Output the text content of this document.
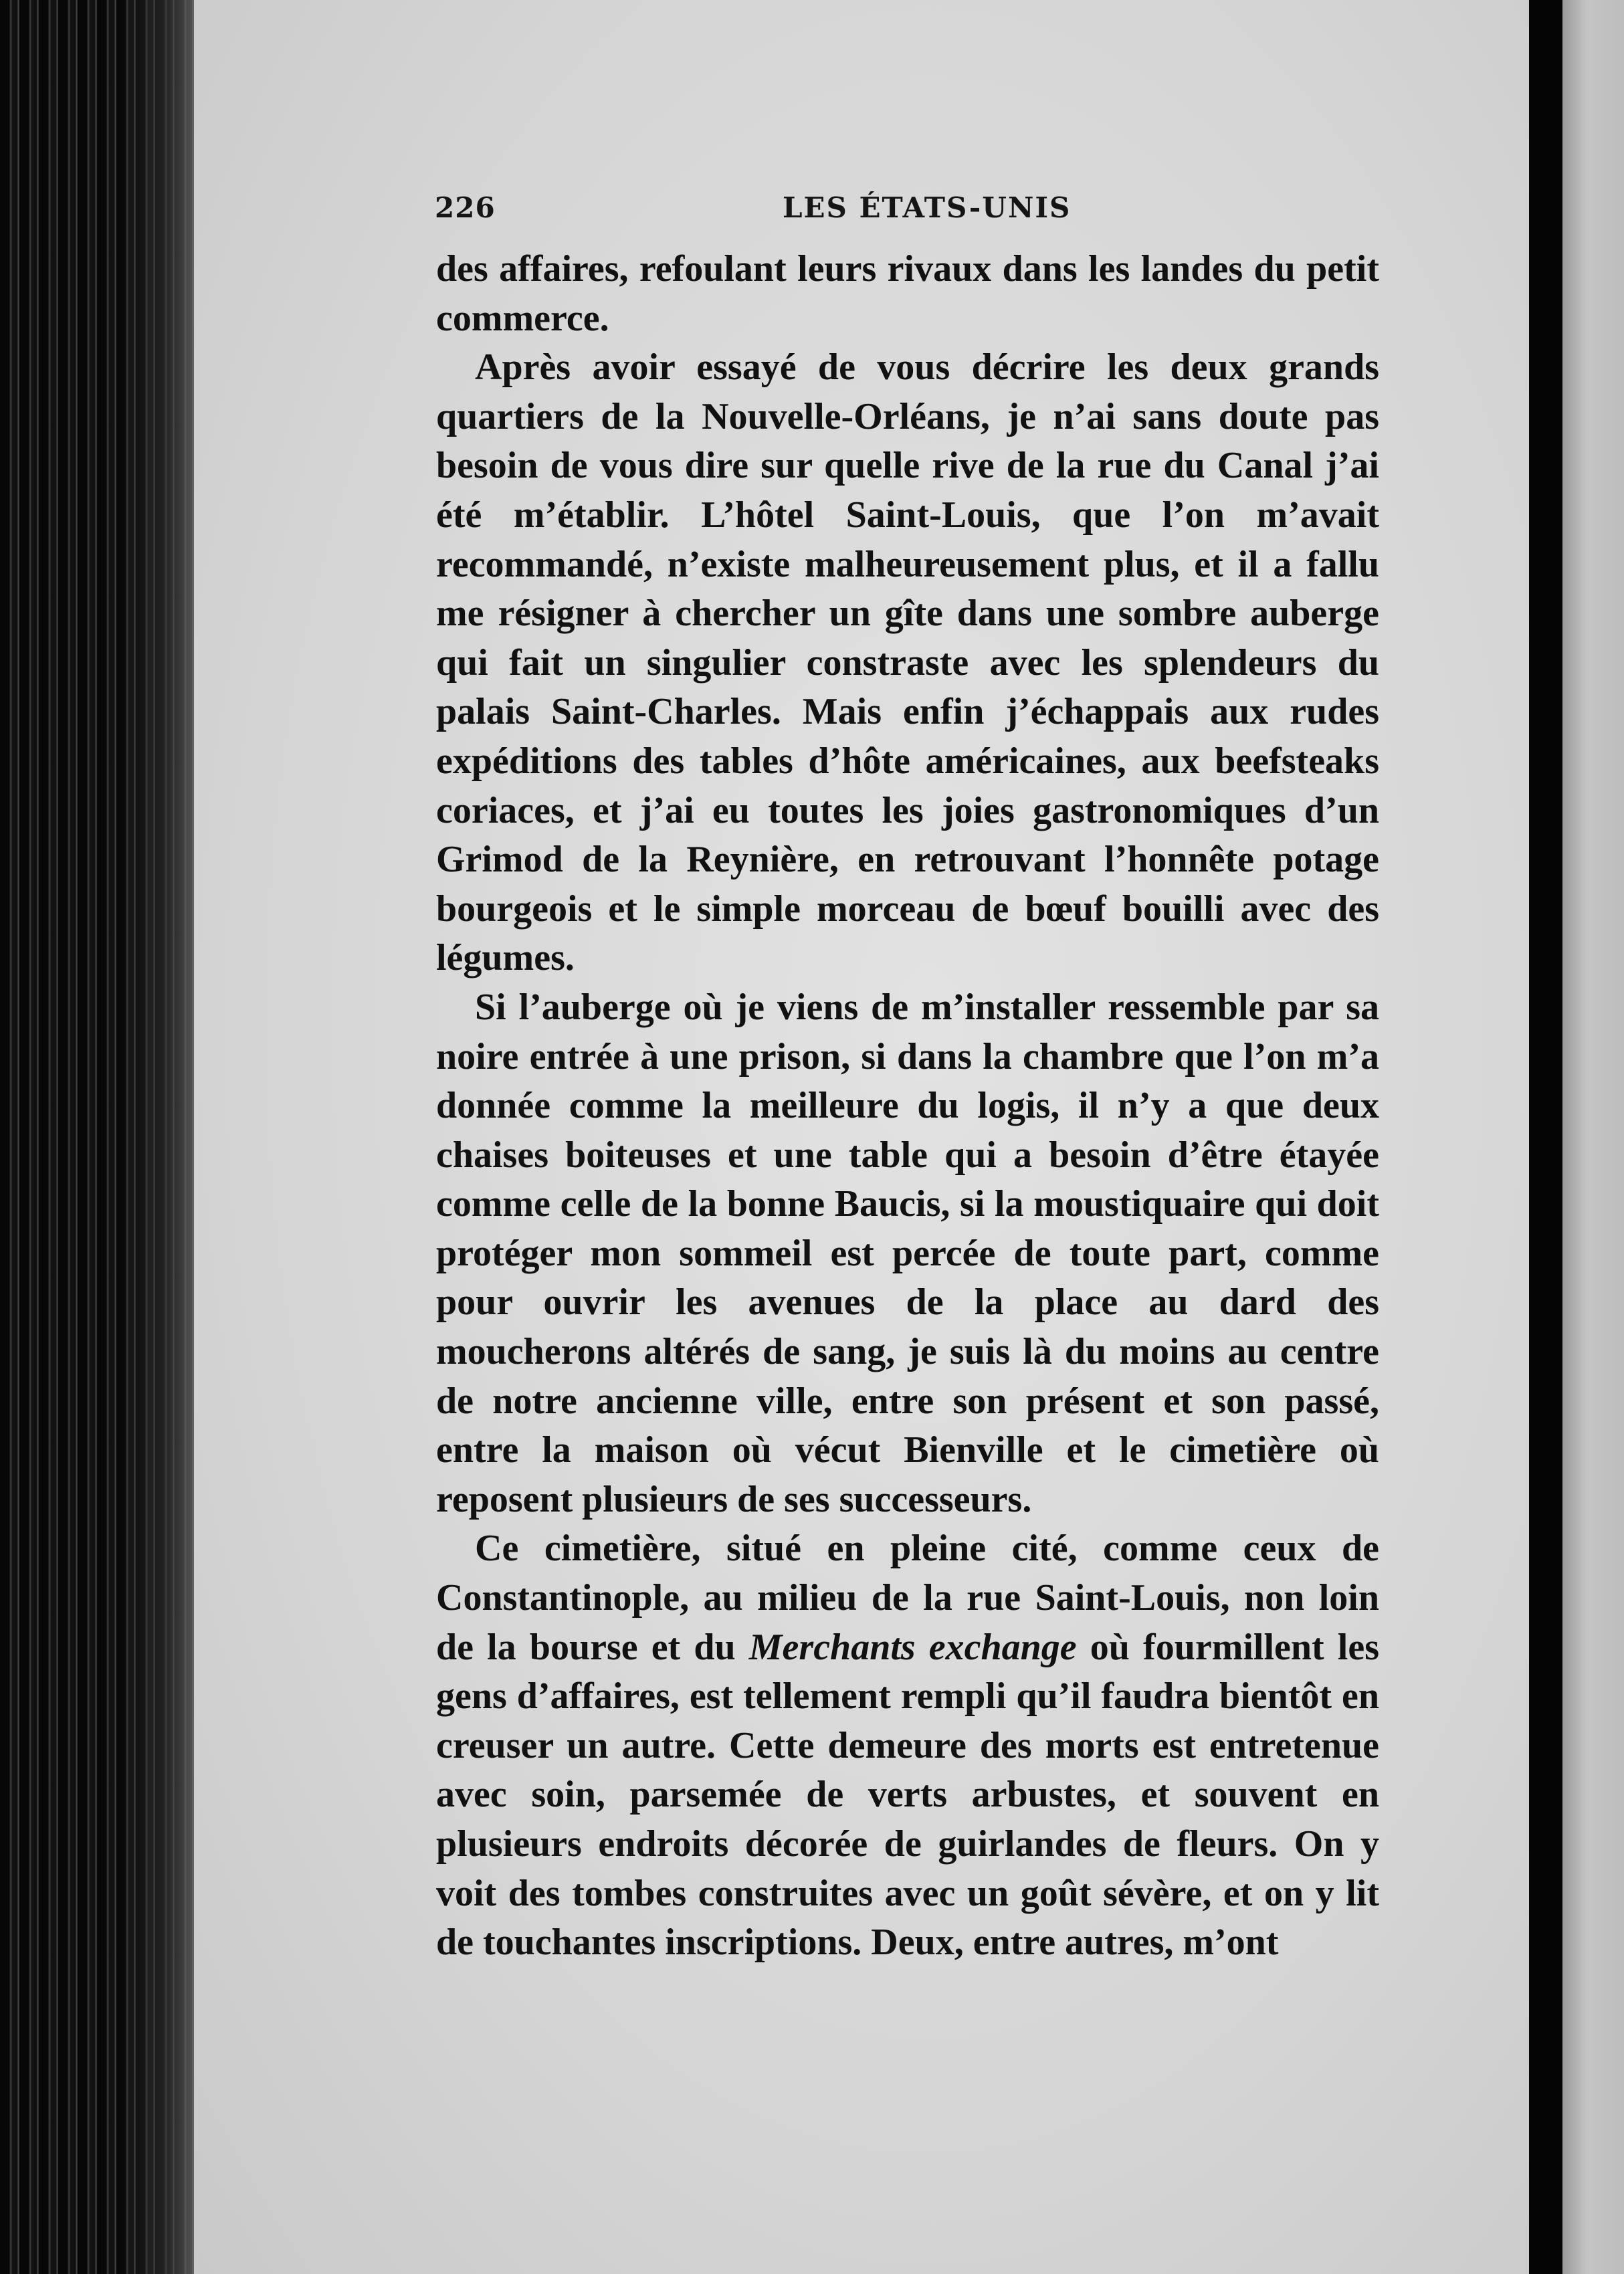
226	LES ÉTATS-UNIS

des affaires, refoulant leurs rivaux dans les landes du petit commerce.

Après avoir essayé de vous décrire les deux grands quartiers de la Nouvelle-Orléans, je n’ai sans doute pas besoin de vous dire sur quelle rive de la rue du Canal j’ai été m’établir. L’hôtel Saint-Louis, que l’on m’avait recommandé, n’existe malheureusement plus, et il a fallu me résigner à chercher un gîte dans une sombre auberge qui fait un singulier constraste avec les splendeurs du palais Saint-Charles. Mais enfin j’échappais aux rudes expéditions des tables d’hôte américaines, aux beefsteaks coriaces, et j’ai eu toutes les joies gastronomiques d’un Grimod de la Reynière, en retrouvant l’honnête potage bourgeois et le simple morceau de bœuf bouilli avec des légumes.

Si l’auberge où je viens de m’installer ressemble par sa noire entrée à une prison, si dans la chambre que l’on m’a donnée comme la meilleure du logis, il n’y a que deux chaises boiteuses et une table qui a besoin d’être étayée comme celle de la bonne Baucis, si la moustiquaire qui doit protéger mon sommeil est percée de toute part, comme pour ouvrir les avenues de la place au dard des moucherons altérés de sang, je suis là du moins au centre de notre ancienne ville, entre son présent et son passé, entre la maison où vécut Bienville et le cimetière où reposent plusieurs de ses successeurs.

Ce cimetière, situé en pleine cité, comme ceux de Constantinople, au milieu de la rue Saint-Louis, non loin de la bourse et du Merchants exchange où fourmillent les gens d’affaires, est tellement rempli qu’il faudra bientôt en creuser un autre. Cette demeure des morts est entretenue avec soin, parsemée de verts arbustes, et souvent en plusieurs endroits décorée de guirlandes de fleurs. On y voit des tombes construites avec un goût sévère, et on y lit de touchantes inscriptions. Deux, entre autres, m’ont
